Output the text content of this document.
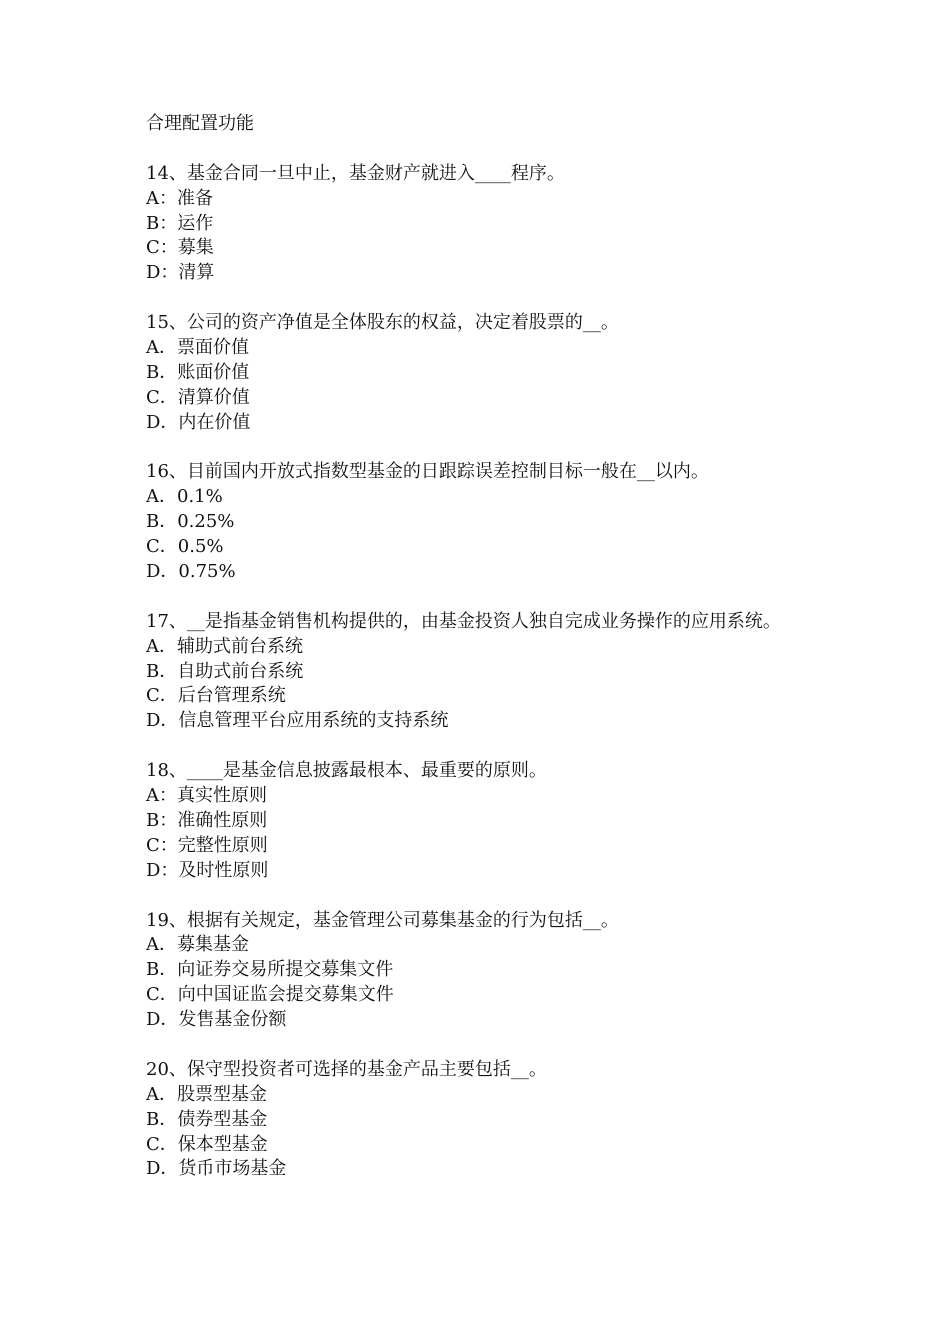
合理配置功能
14、基金合同一旦中止，基金财产就进入____程序。
A：准备
B：运作
C：募集
D：清算
15、公司的资产净值是全体股东的权益，决定着股票的__。
A．票面价值
B．账面价值
C．清算价值
D．内在价值
16、目前国内开放式指数型基金的日跟踪误差控制目标一般在__以内。
A．0.1%
B．0.25%
C．0.5%
D．0.75%
17、__是指基金销售机构提供的，由基金投资人独自完成业务操作的应用系统。
A．辅助式前台系统
B．自助式前台系统
C．后台管理系统
D．信息管理平台应用系统的支持系统
18、____是基金信息披露最根本、最重要的原则。
A：真实性原则
B：准确性原则
C：完整性原则
D：及时性原则
19、根据有关规定，基金管理公司募集基金的行为包括__。
A．募集基金
B．向证券交易所提交募集文件
C．向中国证监会提交募集文件
D．发售基金份额
20、保守型投资者可选择的基金产品主要包括__。
A．股票型基金
B．债券型基金
C．保本型基金
D．货币市场基金
